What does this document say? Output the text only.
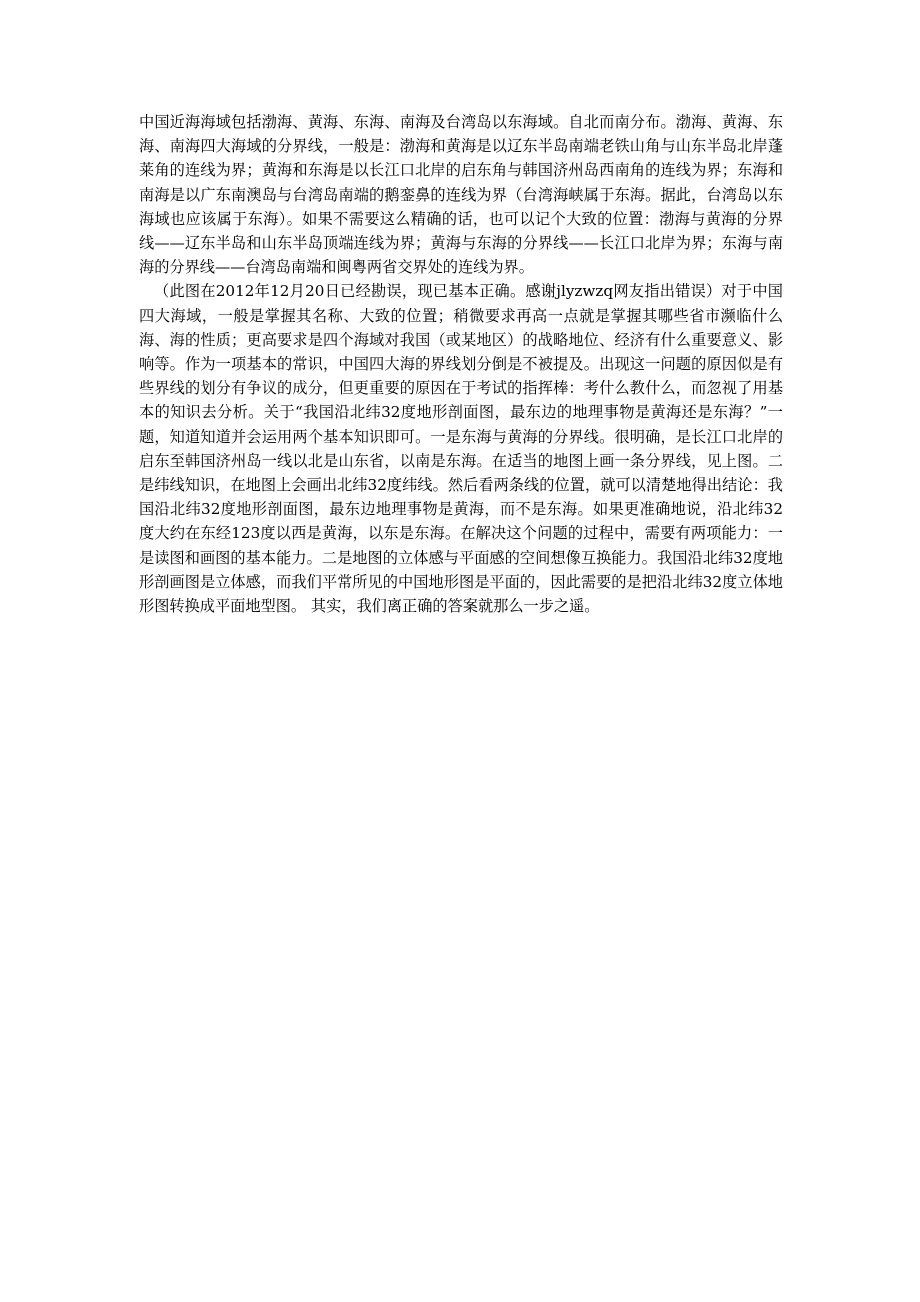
中国近海海域包括渤海、黄海、东海、南海及台湾岛以东海域。自北而南分布。渤海、黄海、东海、南海四大海域的分界线，一般是：渤海和黄海是以辽东半岛南端老铁山角与山东半岛北岸蓬莱角的连线为界；黄海和东海是以长江口北岸的启东角与韩国济州岛西南角的连线为界；东海和南海是以广东南澳岛与台湾岛南端的鹅銮鼻的连线为界（台湾海峡属于东海。据此，台湾岛以东海域也应该属于东海）。如果不需要这么精确的话，也可以记个大致的位置：渤海与黄海的分界线——辽东半岛和山东半岛顶端连线为界；黄海与东海的分界线——长江口北岸为界；东海与南海的分界线——台湾岛南端和闽粤两省交界处的连线为界。

（此图在2012年12月20日已经勘误，现已基本正确。感谢jlyzwzq网友指出错误）对于中国四大海域，一般是掌握其名称、大致的位置；稍微要求再高一点就是掌握其哪些省市濒临什么海、海的性质；更高要求是四个海域对我国（或某地区）的战略地位、经济有什么重要意义、影响等。作为一项基本的常识，中国四大海的界线划分倒是不被提及。出现这一问题的原因似是有些界线的划分有争议的成分，但更重要的原因在于考试的指挥棒：考什么教什么，而忽视了用基本的知识去分析。关于“我国沿北纬32度地形剖面图，最东边的地理事物是黄海还是东海？”一题，知道知道并会运用两个基本知识即可。一是东海与黄海的分界线。很明确，是长江口北岸的启东至韩国济州岛一线以北是山东省，以南是东海。在适当的地图上画一条分界线，见上图。二是纬线知识，在地图上会画出北纬32度纬线。然后看两条线的位置，就可以清楚地得出结论：我国沿北纬32度地形剖面图，最东边地理事物是黄海，而不是东海。如果更准确地说，沿北纬32度大约在东经123度以西是黄海，以东是东海。在解决这个问题的过程中，需要有两项能力：一是读图和画图的基本能力。二是地图的立体感与平面感的空间想像互换能力。我国沿北纬32度地形剖画图是立体感，而我们平常所见的中国地形图是平面的，因此需要的是把沿北纬32度立体地形图转换成平面地型图。 其实，我们离正确的答案就那么一步之遥。
